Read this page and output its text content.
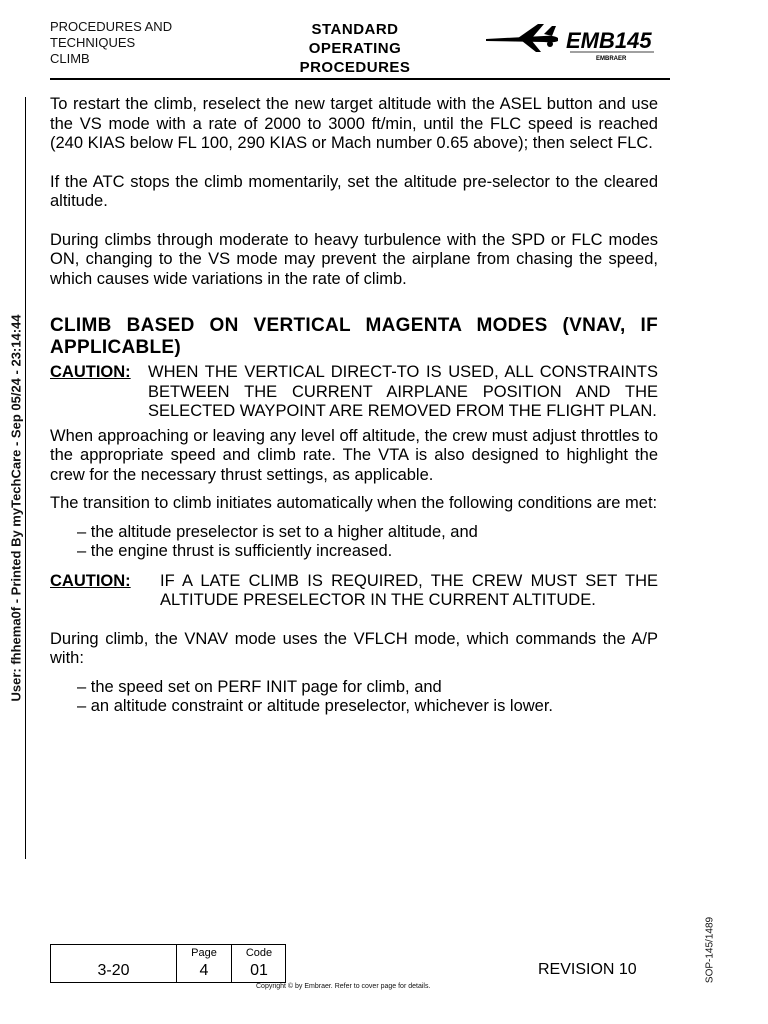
PROCEDURES AND
TECHNIQUES
CLIMB
STANDARD
OPERATING
PROCEDURES
EMB145
EMBRAER
User: fhhema0f - Printed By myTechCare - Sep 05/24 - 23:14:44

To restart the climb, reselect the new target altitude with the ASEL button and use the VS mode with a rate of 2000 to 3000 ft/min, until the FLC speed is reached (240 KIAS below FL 100, 290 KIAS or Mach number 0.65 above); then select FLC.

If the ATC stops the climb momentarily, set the altitude pre-selector to the cleared altitude.

During climbs through moderate to heavy turbulence with the SPD or FLC modes ON, changing to the VS mode may prevent the airplane from chasing the speed, which causes wide variations in the rate of climb.

CLIMB BASED ON VERTICAL MAGENTA MODES (VNAV, IF APPLICABLE)

CAUTION:	WHEN THE VERTICAL DIRECT-TO IS USED, ALL CONSTRAINTS BETWEEN THE CURRENT AIRPLANE POSITION AND THE SELECTED WAYPOINT ARE REMOVED FROM THE FLIGHT PLAN.

When approaching or leaving any level off altitude, the crew must adjust throttles to the appropriate speed and climb rate. The VTA is also designed to highlight the crew for the necessary thrust settings, as applicable.

The transition to climb initiates automatically when the following conditions are met:

– the altitude preselector is set to a higher altitude, and
– the engine thrust is sufficiently increased.
CAUTION:	IF A LATE CLIMB IS REQUIRED, THE CREW MUST SET THE ALTITUDE PRESELECTOR IN THE CURRENT ALTITUDE.

During climb, the VNAV mode uses the VFLCH mode, which commands the A/P with:

– the speed set on PERF INIT page for climb, and
– an altitude constraint or altitude preselector, whichever is lower.
3-20
Page
4
Code
01	REVISION 10
Copyright © by Embraer. Refer to cover page for details.
SOP-145/1489
